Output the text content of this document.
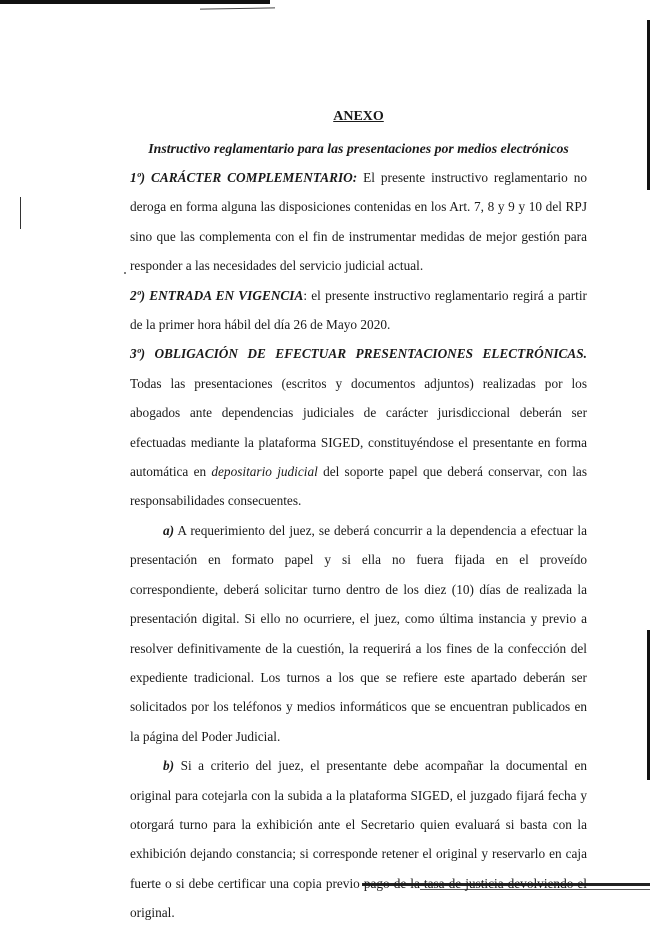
ANEXO
Instructivo reglamentario para las presentaciones por medios electrónicos

1º) CARÁCTER COMPLEMENTARIO: El presente instructivo reglamentario no deroga en forma alguna las disposiciones contenidas en los Art. 7, 8 y 9 y 10 del RPJ sino que las complementa con el fin de instrumentar medidas de mejor gestión para responder a las necesidades del servicio judicial actual.

2º) ENTRADA EN VIGENCIA: el presente instructivo reglamentario regirá a partir de la primer hora hábil del día 26 de Mayo 2020.

3º) OBLIGACIÓN DE EFECTUAR PRESENTACIONES ELECTRÓNICAS. Todas las presentaciones (escritos y documentos adjuntos) realizadas por los abogados ante dependencias judiciales de carácter jurisdiccional deberán ser efectuadas mediante la plataforma SIGED, constituyéndose el presentante en forma automática en depositario judicial del soporte papel que deberá conservar, con las responsabilidades consecuentes.

a) A requerimiento del juez, se deberá concurrir a la dependencia a efectuar la presentación en formato papel y si ella no fuera fijada en el proveído correspondiente, deberá solicitar turno dentro de los diez (10) días de realizada la presentación digital. Si ello no ocurriere, el juez, como última instancia y previo a resolver definitivamente de la cuestión, la requerirá a los fines de la confección del expediente tradicional. Los turnos a los que se refiere este apartado deberán ser solicitados por los teléfonos y medios informáticos que se encuentran publicados en la página del Poder Judicial.

b) Si a criterio del juez, el presentante debe acompañar la documental en original para cotejarla con la subida a la plataforma SIGED, el juzgado fijará fecha y otorgará turno para la exhibición ante el Secretario quien evaluará si basta con la exhibición dejando constancia; si corresponde retener el original y reservarlo en caja fuerte o si debe certificar una copia previo pago de la tasa de justicia devolviendo el original.
